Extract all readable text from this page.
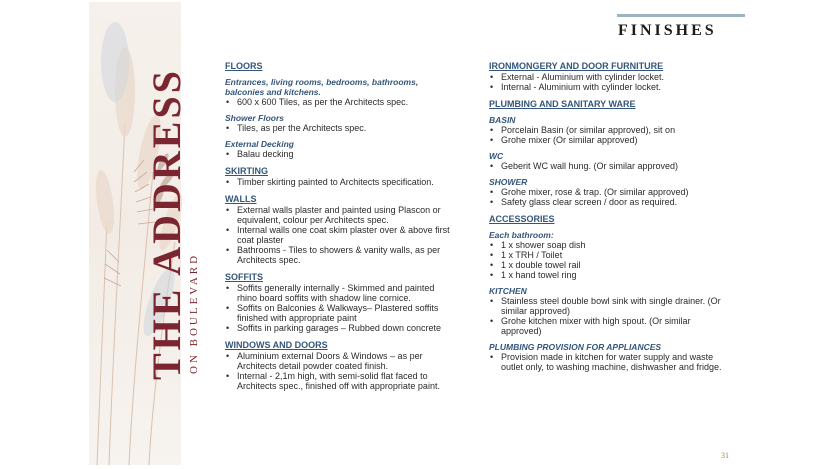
THE ADDRESS ON BOULEVARD
FINISHES
FLOORS
Entrances, living rooms, bedrooms, bathrooms, balconies and kitchens.
• 600 x 600 Tiles, as per the Architects spec.
Shower Floors
• Tiles, as per the Architects spec.
External Decking
• Balau decking
SKIRTING
• Timber skirting painted to Architects specification.
WALLS
• External walls plaster and painted using Plascon or equivalent, colour per Architects spec.
• Internal walls one coat skim plaster over & above first coat plaster
• Bathrooms - Tiles to showers & vanity walls, as per Architects spec.
SOFFITS
• Soffits generally internally - Skimmed and painted rhino board soffits with shadow line cornice.
• Soffits on Balconies & Walkways– Plastered soffits finished with appropriate paint
• Soffits in parking garages – Rubbed down concrete
WINDOWS AND DOORS
• Aluminium external Doors & Windows – as per Architects detail powder coated finish.
• Internal - 2,1m high, with semi-solid flat faced to Architects spec., finished off with appropriate paint.
IRONMONGERY AND DOOR FURNITURE
• External - Aluminium with cylinder locket.
• Internal - Aluminium with cylinder locket.
PLUMBING AND SANITARY WARE
BASIN
• Porcelain Basin (or similar approved), sit on
• Grohe mixer (Or similar approved)
WC
• Geberit WC wall hung. (Or similar approved)
SHOWER
• Grohe mixer, rose & trap. (Or similar approved)
• Safety glass clear screen / door as required.
ACCESSORIES
Each bathroom:
• 1 x shower soap dish
• 1 x TRH / Toilet
• 1 x double towel rail
• 1 x hand towel ring
KITCHEN
• Stainless steel double bowl sink with single drainer. (Or similar approved)
• Grohe kitchen mixer with high spout. (Or similar approved)
PLUMBING PROVISION FOR APPLIANCES
• Provision made in kitchen for water supply and waste outlet only, to washing machine, dishwasher and fridge.
31
